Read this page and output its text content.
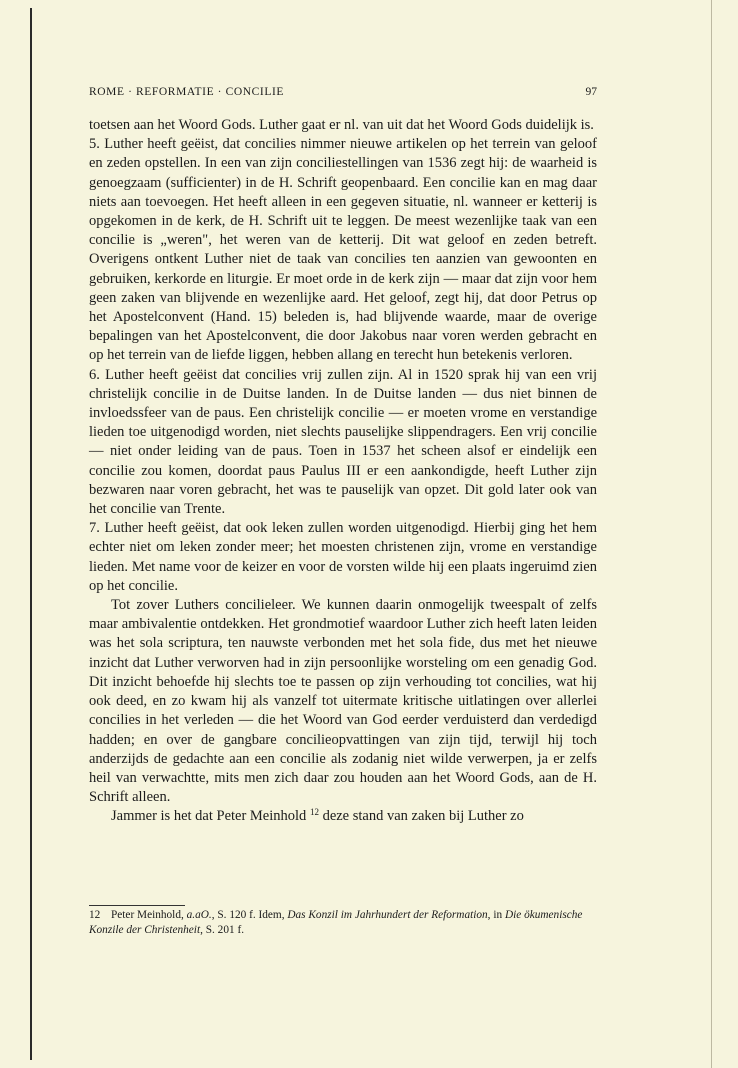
ROME · REFORMATIE · CONCILIE	97

toetsen aan het Woord Gods. Luther gaat er nl. van uit dat het Woord Gods duidelijk is.

5. Luther heeft geëist, dat concilies nimmer nieuwe artikelen op het terrein van geloof en zeden opstellen. In een van zijn conciliestellingen van 1536 zegt hij: de waarheid is genoegzaam (sufficienter) in de H. Schrift geopenbaard. Een concilie kan en mag daar niets aan toevoegen. Het heeft alleen in een gegeven situatie, nl. wanneer er ketterij is opgekomen in de kerk, de H. Schrift uit te leggen. De meest wezenlijke taak van een concilie is „weren", het weren van de ketterij. Dit wat geloof en zeden betreft. Overigens ontkent Luther niet de taak van concilies ten aanzien van gewoonten en gebruiken, kerkorde en liturgie. Er moet orde in de kerk zijn — maar dat zijn voor hem geen zaken van blijvende en wezenlijke aard. Het geloof, zegt hij, dat door Petrus op het Apostelconvent (Hand. 15) beleden is, had blijvende waarde, maar de overige bepalingen van het Apostelconvent, die door Jakobus naar voren werden gebracht en op het terrein van de liefde liggen, hebben allang en terecht hun betekenis verloren.

6. Luther heeft geëist dat concilies vrij zullen zijn. Al in 1520 sprak hij van een vrij christelijk concilie in de Duitse landen. In de Duitse landen — dus niet binnen de invloedssfeer van de paus. Een christelijk concilie — er moeten vrome en verstandige lieden toe uitgenodigd worden, niet slechts pauselijke slippendragers. Een vrij concilie — niet onder leiding van de paus. Toen in 1537 het scheen alsof er eindelijk een concilie zou komen, doordat paus Paulus III er een aankondigde, heeft Luther zijn bezwaren naar voren gebracht, het was te pauselijk van opzet. Dit gold later ook van het concilie van Trente.

7. Luther heeft geëist, dat ook leken zullen worden uitgenodigd. Hierbij ging het hem echter niet om leken zonder meer; het moesten christenen zijn, vrome en verstandige lieden. Met name voor de keizer en voor de vorsten wilde hij een plaats ingeruimd zien op het concilie.

Tot zover Luthers concilieleer. We kunnen daarin onmogelijk tweespalt of zelfs maar ambivalentie ontdekken. Het grondmotief waardoor Luther zich heeft laten leiden was het sola scriptura, ten nauwste verbonden met het sola fide, dus met het nieuwe inzicht dat Luther verworven had in zijn persoonlijke worsteling om een genadig God. Dit inzicht behoefde hij slechts toe te passen op zijn verhouding tot concilies, wat hij ook deed, en zo kwam hij als vanzelf tot uitermate kritische uitlatingen over allerlei concilies in het verleden — die het Woord van God eerder verduisterd dan verdedigd hadden; en over de gangbare concilieopvattingen van zijn tijd, terwijl hij toch anderzijds de gedachte aan een concilie als zodanig niet wilde verwerpen, ja er zelfs heil van verwachtte, mits men zich daar zou houden aan het Woord Gods, aan de H. Schrift alleen.

Jammer is het dat Peter Meinhold $^{12}$ deze stand van zaken bij Luther zo

12 Peter Meinhold, a.aO., S. 120 f. Idem, Das Konzil im Jahrhundert der Reformation, in Die ökumenische Konzile der Christenheit, S. 201 f.
